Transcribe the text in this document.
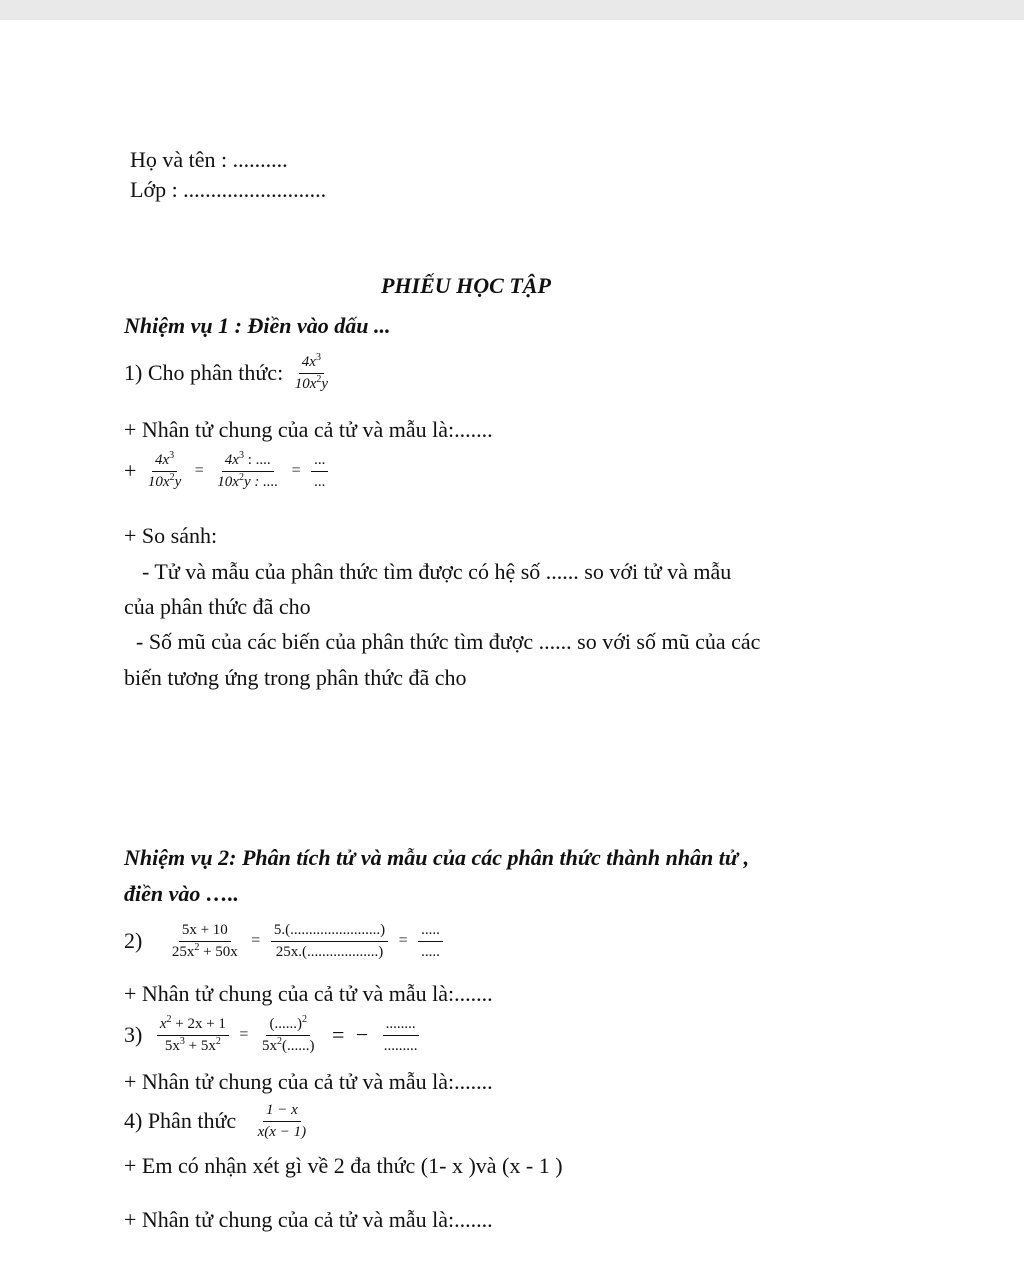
Họ và tên : ..........
Lớp : ..........................
PHIẾU HỌC TẬP
Nhiệm vụ 1 : Điền vào dấu ...
1) Cho phân thức: $\frac{4x^3}{10x^2y}$
+ Nhân tử chung của cả tử và mẫu là:.......
+ $\frac{4x^3}{10x^2y} = \frac{4x^3 : ....}{10x^2y : ....} = \frac{...}{...}$
+ So sánh:
- Tử và mẫu của phân thức tìm được có hệ số ...... so với tử và mẫu
của phân thức đã cho
- Số mũ của các biến của phân thức tìm được ...... so với số mũ của các
biến tương ứng trong phân thức đã cho
Nhiệm vụ 2: Phân tích tử và mẫu của các phân thức thành nhân tử ,
điền vào …..
$2) \frac{5x + 10}{25x^2 + 50x} = \frac{5.(........................)}{25x.(...................)} = \frac{.....}{.....}$
+ Nhân tử chung của cả tử và mẫu là:.......
$3) \frac{x^2 + 2x + 1}{5x^3 + 5x^2} = \frac{(......)^2}{5x^2(......)}$ = − $\frac{........}{.........}$
+ Nhân tử chung của cả tử và mẫu là:.......
4) Phân thức $\frac{1 - x}{x(x - 1)}$
+ Em có nhận xét gì về 2 đa thức (1- x )và (x - 1 )
+ Nhân tử chung của cả tử và mẫu là:.......
